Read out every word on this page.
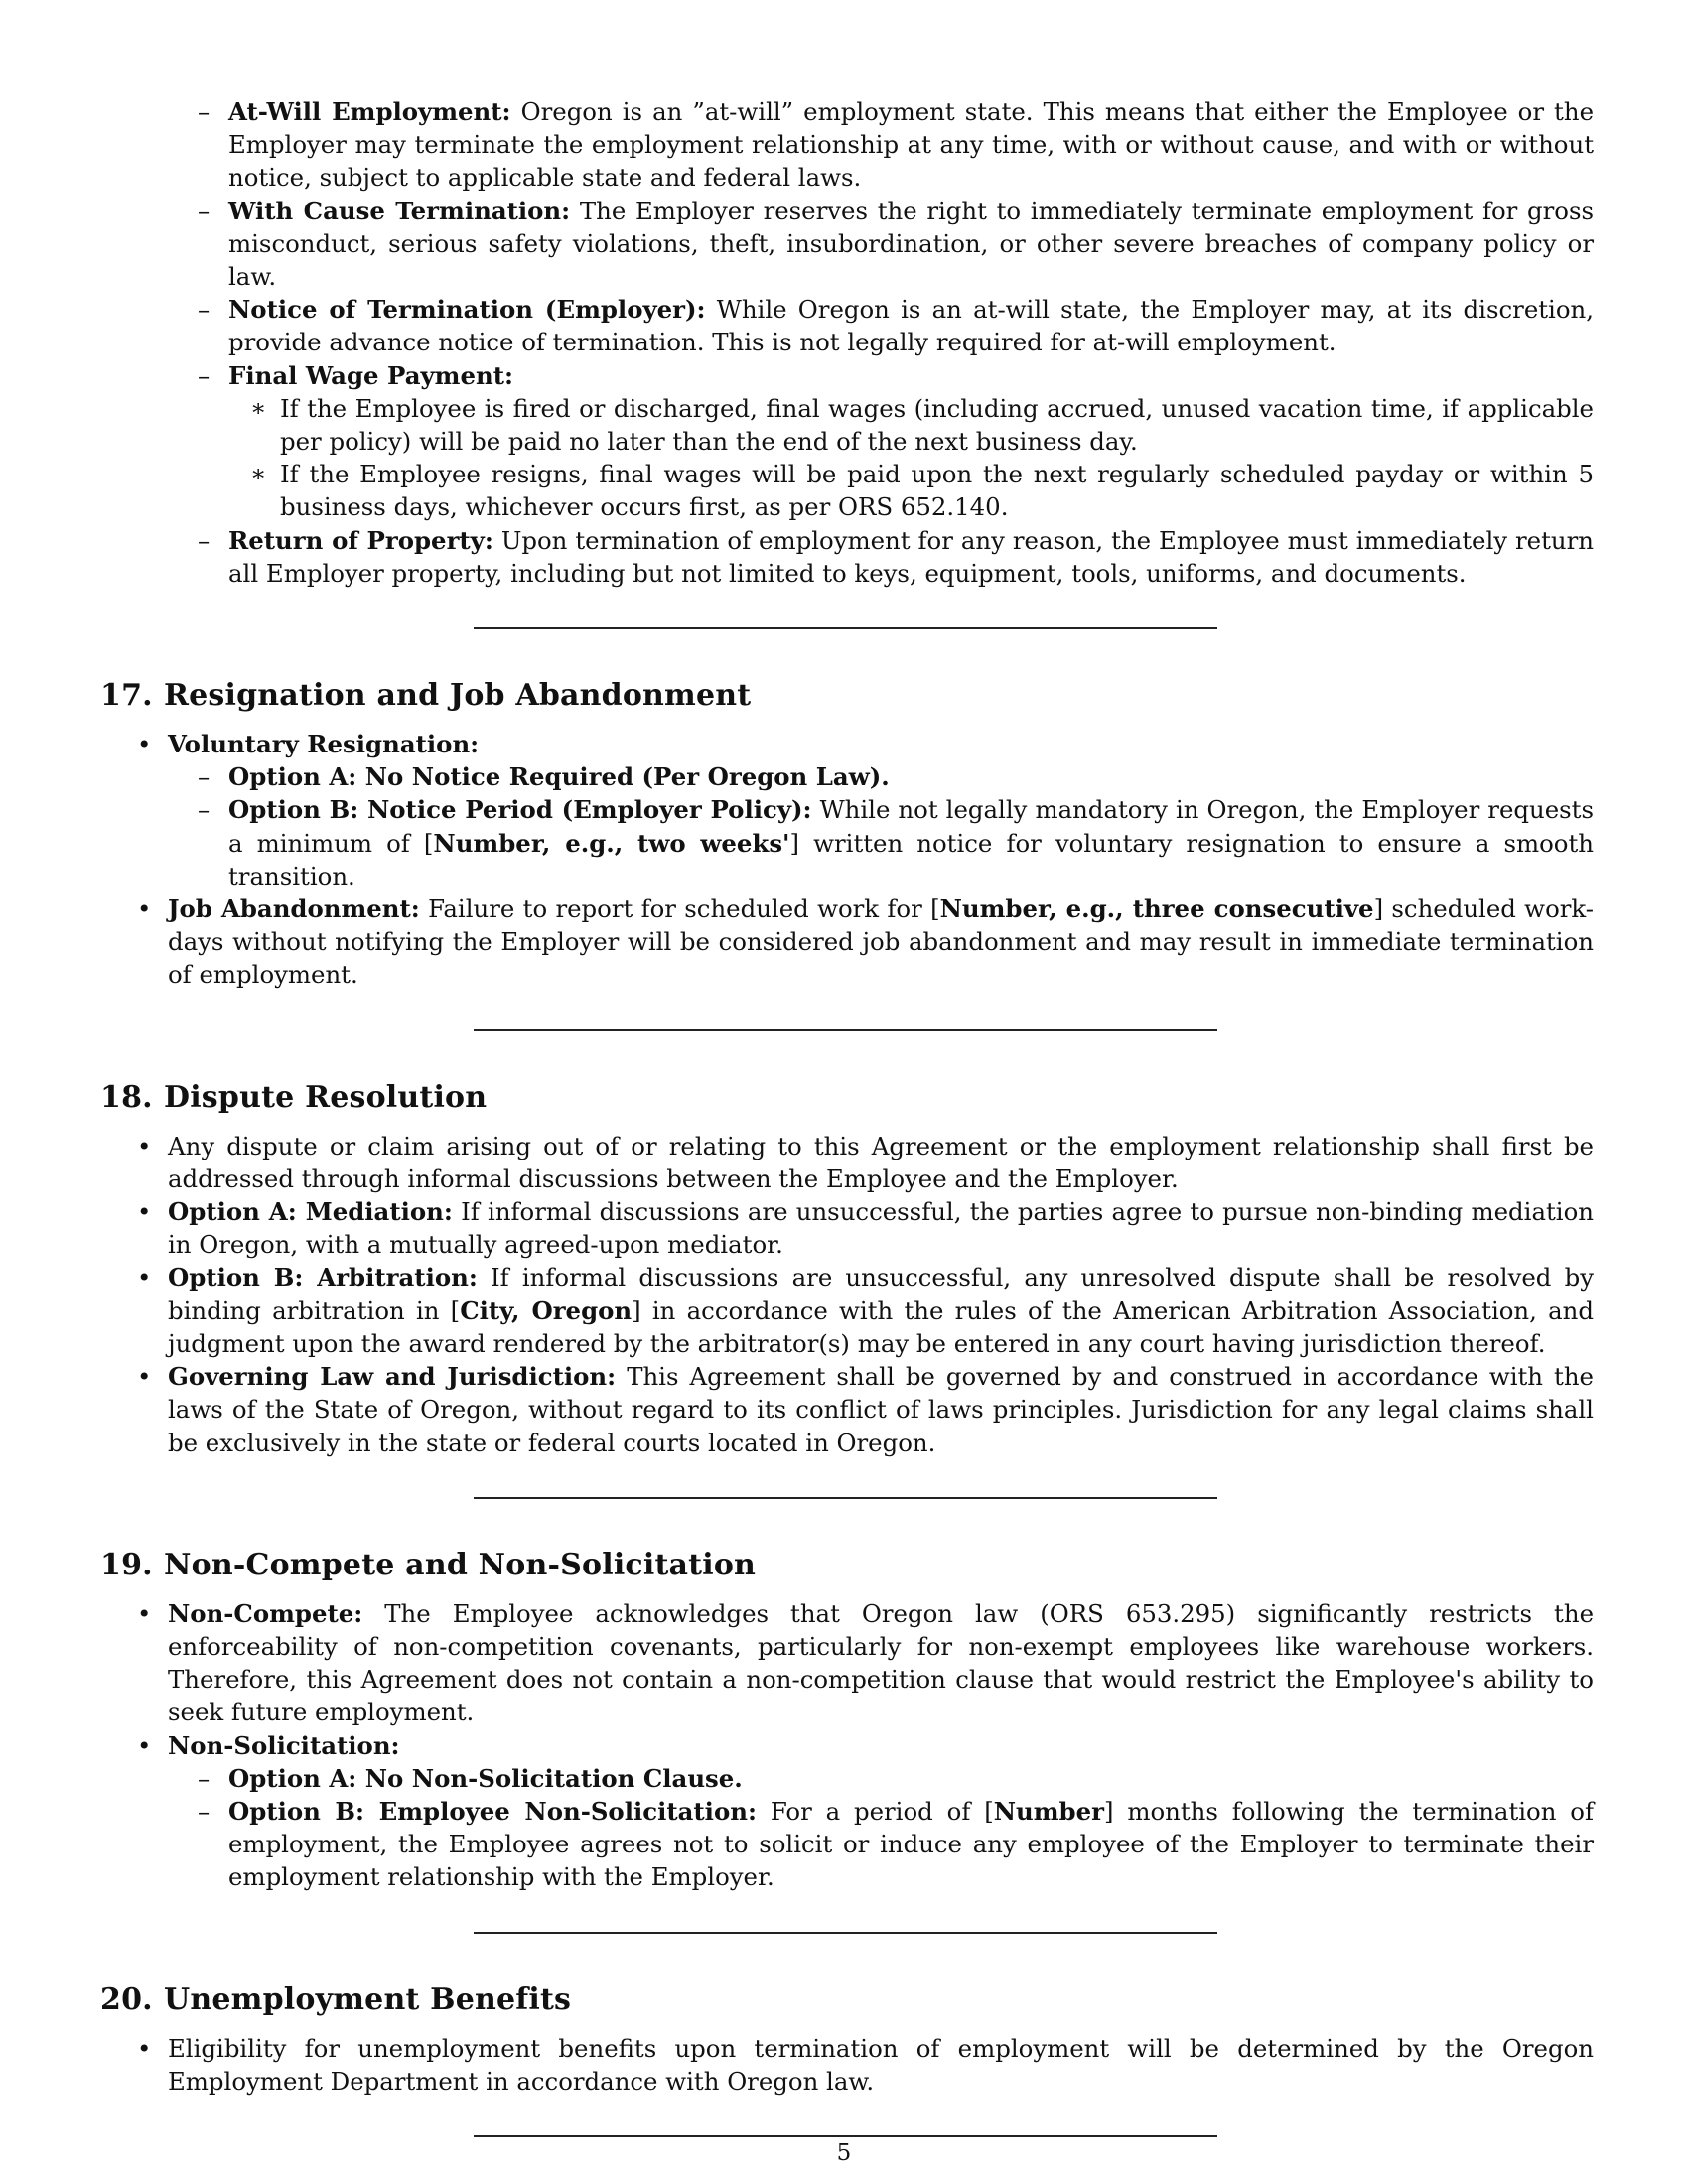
– At-Will Employment: Oregon is an ”at-will” employment state. This means that either the Employee or the Employer may terminate the employment relationship at any time, with or without cause, and with or without notice, subject to applicable state and federal laws.

– With Cause Termination: The Employer reserves the right to immediately terminate employment for gross misconduct, serious safety violations, theft, insubordination, or other severe breaches of company policy or law.

– Notice of Termination (Employer): While Oregon is an at-will state, the Employer may, at its discretion, provide advance notice of termination. This is not legally required for at-will employment.

– Final Wage Payment:

∗ If the Employee is fired or discharged, final wages (including accrued, unused vacation time, if applicable per policy) will be paid no later than the end of the next business day.

∗ If the Employee resigns, final wages will be paid upon the next regularly scheduled payday or within 5 business days, whichever occurs first, as per ORS 652.140.

– Return of Property: Upon termination of employment for any reason, the Employee must immediately return all Employer property, including but not limited to keys, equipment, tools, uniforms, and documents.

17. Resignation and Job Abandonment

• Voluntary Resignation:

– Option A: No Notice Required (Per Oregon Law).

– Option B: Notice Period (Employer Policy): While not legally mandatory in Oregon, the Employer requests a minimum of [Number, e.g., two weeks'] written notice for voluntary resignation to ensure a smooth transition.

• Job Abandonment: Failure to report for scheduled work for [Number, e.g., three consecutive] scheduled work-days without notifying the Employer will be considered job abandonment and may result in immediate termination of employment.

18. Dispute Resolution

• Any dispute or claim arising out of or relating to this Agreement or the employment relationship shall first be addressed through informal discussions between the Employee and the Employer.

• Option A: Mediation: If informal discussions are unsuccessful, the parties agree to pursue non-binding mediation in Oregon, with a mutually agreed-upon mediator.

• Option B: Arbitration: If informal discussions are unsuccessful, any unresolved dispute shall be resolved by binding arbitration in [City, Oregon] in accordance with the rules of the American Arbitration Association, and judgment upon the award rendered by the arbitrator(s) may be entered in any court having jurisdiction thereof.

• Governing Law and Jurisdiction: This Agreement shall be governed by and construed in accordance with the laws of the State of Oregon, without regard to its conflict of laws principles. Jurisdiction for any legal claims shall be exclusively in the state or federal courts located in Oregon.

19. Non-Compete and Non-Solicitation

• Non-Compete: The Employee acknowledges that Oregon law (ORS 653.295) significantly restricts the enforceability of non-competition covenants, particularly for non-exempt employees like warehouse workers. Therefore, this Agreement does not contain a non-competition clause that would restrict the Employee's ability to seek future employment.

• Non-Solicitation:

– Option A: No Non-Solicitation Clause.

– Option B: Employee Non-Solicitation: For a period of [Number] months following the termination of employment, the Employee agrees not to solicit or induce any employee of the Employer to terminate their employment relationship with the Employer.

20. Unemployment Benefits

• Eligibility for unemployment benefits upon termination of employment will be determined by the Oregon Employment Department in accordance with Oregon law.

5
